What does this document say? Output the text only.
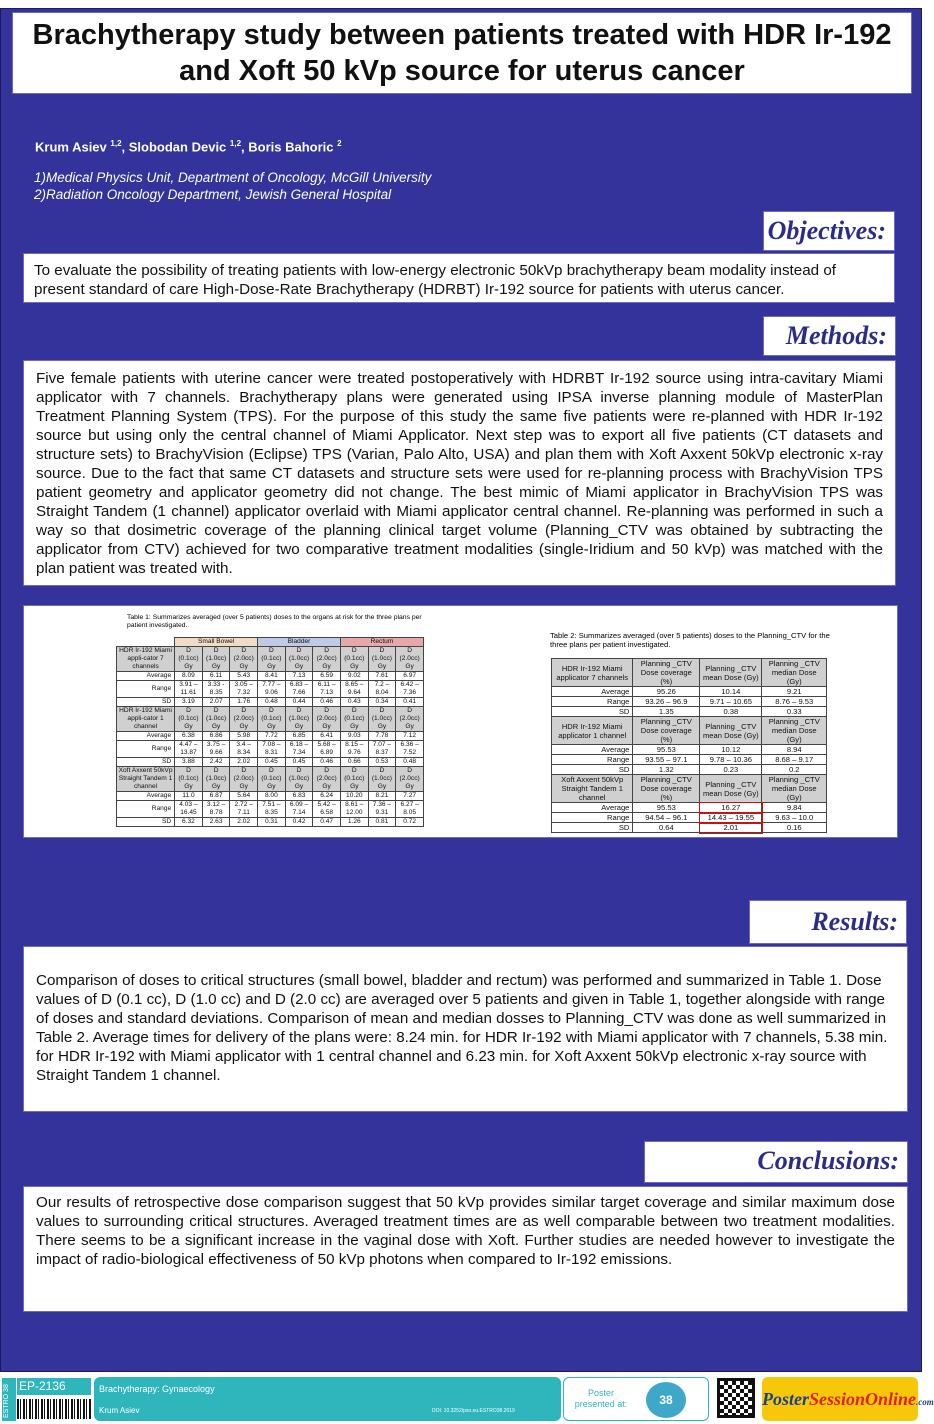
Brachytherapy study between patients treated with HDR Ir-192 and Xoft 50 kVp source for uterus cancer
Krum Asiev $^{1,2}$, Slobodan Devic $^{1,2}$, Boris Bahoric $^2$
1)Medical Physics Unit, Department of Oncology, McGill University
2)Radiation Oncology Department, Jewish General Hospital
Objectives:
To evaluate the possibility of treating patients with low-energy electronic 50kVp brachytherapy beam modality instead of present standard of care High-Dose-Rate Brachytherapy (HDRBT) Ir-192 source for patients with uterus cancer.
Methods:
Five female patients with uterine cancer were treated postoperatively with HDRBT Ir-192 source using intra-cavitary Miami applicator with 7 channels. Brachytherapy plans were generated using IPSA inverse planning module of MasterPlan Treatment Planning System (TPS). For the purpose of this study the same five patients were re-planned with HDR Ir-192 source but using only the central channel of Miami Applicator. Next step was to export all five patients (CT datasets and structure sets) to BrachyVision (Eclipse) TPS (Varian, Palo Alto, USA) and plan them with Xoft Axxent 50kVp electronic x-ray source. Due to the fact that same CT datasets and structure sets were used for re-planning process with BrachyVision TPS patient geometry and applicator geometry did not change. The best mimic of Miami applicator in BrachyVision TPS was Straight Tandem (1 channel) applicator overlaid with Miami applicator central channel. Re-planning was performed in such a way so that dosimetric coverage of the planning clinical target volume (Planning_CTV was obtained by subtracting the applicator from CTV) achieved for two comparative treatment modalities (single-Iridium and 50 kVp) was matched with the plan patient was treated with.
Table 1: Summarizes averaged (over 5 patients) doses to the organs at risk for the three plans per patient investigated.
	Small Bowel			Bladder			Rectum		
HDR Ir-192 Miami appli-cator 7 channels	D (0.1cc) Gy	D (1.0cc) Gy	D (2.0cc) Gy	D (0.1cc) Gy	D (1.0cc) Gy	D (2.0cc) Gy	D (0.1cc) Gy	D (1.0cc) Gy	D (2.0cc) Gy
Average	8.09	6.11	5.43	8.41	7.13	6.59	9.02	7.61	6.97
Range	3.91 – 11.61	3.33 - 8.35	3.05 – 7.32	7.77 – 9.06	6.83 – 7.66	6.11 – 7.13	8.65 – 9.64	7.2 – 8.04	6.42 – 7.36
SD	3.19	2.07	1.76	0.48	0.44	0.46	0.43	0.34	0.41
HDR Ir-192 Miami appli-cator 1 channel	D (0.1cc) Gy	D (1.0cc) Gy	D (2.0cc) Gy	D (0.1cc) Gy	D (1.0cc) Gy	D (2.0cc) Gy	D (0.1cc) Gy	D (1.0cc) Gy	D (2.0cc) Gy
Average	6.38	6.86	5.98	7.72	6.85	6.41	9.03	7.78	7.12
Range	4.47 – 13.87	3.75 – 9.66	3.4 – 8.34	7.08 – 8.31	6.18 – 7.34	5.68 – 6.89	8.15 – 9.76	7.07 – 8.37	6.36 – 7.52
SD	3.88	2.42	2.02	0.45	0.45	0.46	0.66	0.53	0.48
Xoft Axxent 50kVp Straight Tandem 1 channel	D (0.1cc) Gy	D (1.0cc) Gy	D (2.0cc) Gy	D (0.1cc) Gy	D (1.0cc) Gy	D (2.0cc) Gy	D (0.1cc) Gy	D (1.0cc) Gy	D (2.0cc) Gy
Average	11.0	6.87	5.64	8.00	6.83	6.24	10.20	8.21	7.27
Range	4.03 – 16.45	3.12 – 8.78	2.72 – 7.11	7.51 – 8.35	6.09 – 7.14	5.42 – 6.58	8.61 – 12.00	7.36 – 9.31	6.27 – 8.05
SD	6.32	2.63	2.02	0.31	0.42	0.47	1.26	0.81	0.72
Table 2: Summarizes averaged (over 5 patients) doses to the Planning_CTV for the three plans per patient investigated.
HDR Ir-192 Miami applicator 7 channels	Planning _CTV Dose coverage (%)	Planning _CTV mean Dose (Gy)	Planning _CTV median Dose (Gy)
Average	95.26	10.14	9.21
Range	93.26 – 96.9	9.71 – 10.65	8.76 – 9.53
SD	1.35	0.38	0.33
HDR Ir-192 Miami applicator 1 channel	Planning _CTV Dose coverage (%)	Planning _CTV mean Dose (Gy)	Planning _CTV median Dose (Gy)
Average	95.53	10.12	8.94
Range	93.55 – 97.1	9.78 – 10.36	8.68 – 9.17
SD	1.32	0.23	0.2
Xoft Axxent 50kVp Straight Tandem 1 channel	Planning _CTV Dose coverage (%)	Planning _CTV mean Dose (Gy)	Planning _CTV median Dose (Gy)
Average	95.53	16.27	9.84
Range	94.54 – 96.1	14.43 – 19.55	9.63 – 10.0
SD	0.64	2.01	0.16
Results:
Comparison of doses to critical structures (small bowel, bladder and rectum) was performed and summarized in Table 1. Dose values of D (0.1 cc), D (1.0 cc) and D (2.0 cc) are averaged over 5 patients and given in Table 1, together alongside with range of doses and standard deviations. Comparison of mean and median dosses to Planning_CTV was done as well summarized in Table 2. Average times for delivery of the plans were: 8.24 min. for HDR Ir-192 with Miami applicator with 7 channels, 5.38 min. for HDR Ir-192 with Miami applicator with 1 central channel and 6.23 min. for Xoft Axxent 50kVp electronic x-ray source with Straight Tandem 1 channel.
Conclusions:
Our results of retrospective dose comparison suggest that 50 kVp provides similar target coverage and similar maximum dose values to surrounding critical structures. Averaged treatment times are as well comparable between two treatment modalities. There seems to be a significant increase in the vaginal dose with Xoft. Further studies are needed however to investigate the impact of radio-biological effectiveness of 50 kVp photons when compared to Ir-192 emissions.
ESTRO 38 EP-2136	Brachytherapy: Gynaecology
Krum Asiev	DOI: 10.3252/pso.eu.ESTRO38.2019
Poster presented at:	38	PosterSessionOnline.com
